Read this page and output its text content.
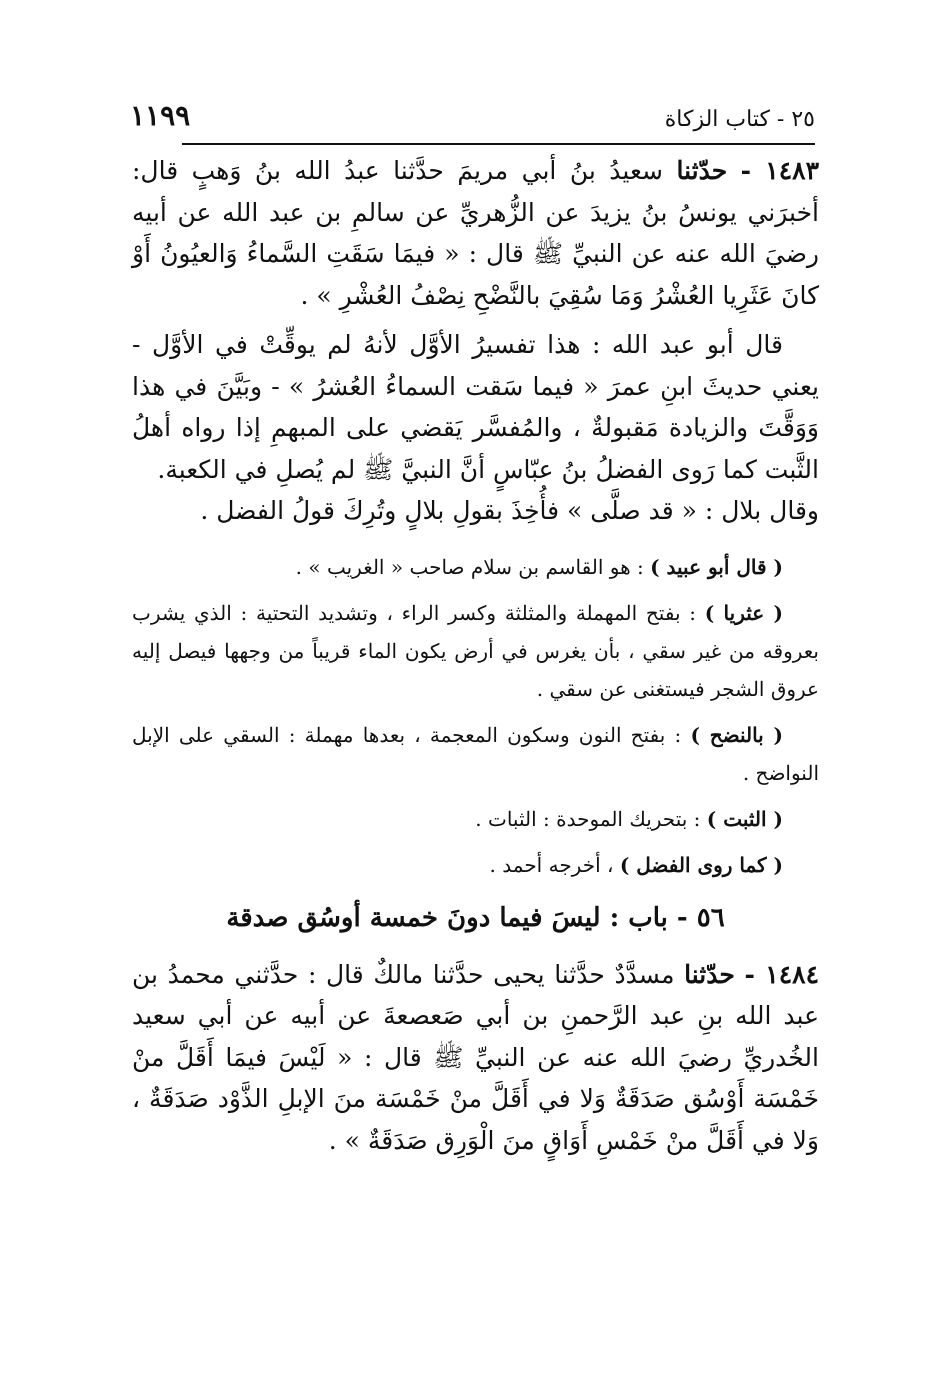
٢٥ - كتاب الزكاة
١١٩٩

١٤٨٣ - حدّثنا سعيدُ بنُ أبي مريمَ حدَّثنا عبدُ الله بنُ وَهبٍ قال: أخبرَني يونسُ بنُ يزيدَ عن الزُّهريِّ عن سالمِ بن عبد الله عن أبيه رضيَ الله عنه عن النبيِّ ﷺ قال : « فيمَا سَقَتِ السَّماءُ وَالعيُونُ أَوْ كانَ عَثَرِيا العُشْرُ وَمَا سُقِيَ بالنَّضْحِ نِصْفُ العُشْرِ » .

قال أبو عبد الله : هذا تفسيرُ الأوَّل لأنهُ لم يوقِّتْ في الأوَّل - يعني حديثَ ابنِ عمرَ « فيما سَقت السماءُ العُشرُ » - وبَيَّنَ في هذا وَوَقَّتَ والزيادة مَقبولةٌ ، والمُفسَّر يَقضي على المبهمِ إذا رواه أهلُ الثَّبت كما رَوى الفضلُ بنُ عبّاسٍ أنَّ النبيَّ ﷺ لم يُصلِ في الكعبة.

وقال بلال : « قد صلَّى » فأُخِذَ بقولِ بلالٍ وتُرِكَ قولُ الفضل .

( قال أبو عبيد ) : هو القاسم بن سلام صاحب « الغريب » .

( عثريا ) : بفتح المهملة والمثلثة وكسر الراء ، وتشديد التحتية : الذي يشرب بعروقه من غير سقي ، بأن يغرس في أرض يكون الماء قريباً من وجهها فيصل إليه عروق الشجر فيستغنى عن سقي .

( بالنضح ) : بفتح النون وسكون المعجمة ، بعدها مهملة : السقي على الإبل النواضح .

( الثبت ) : بتحريك الموحدة : الثبات .

( كما روى الفضل ) ، أخرجه أحمد .

٥٦ - باب : ليسَ فيما دونَ خمسة أوسُق صدقة

١٤٨٤ - حدّثنا مسدَّدٌ حدَّثنا يحيى حدَّثنا مالكٌ قال : حدَّثني محمدُ بن عبد الله بنِ عبد الرَّحمنِ بن أبي صَعصعةَ عن أبيه عن أبي سعيد الخُدريِّ رضيَ الله عنه عن النبيِّ ﷺ قال : « لَيْسَ فيمَا أَقَلَّ منْ خَمْسَة أَوْسُق صَدَقَةٌ وَلا في أَقَلَّ منْ خَمْسَة منَ الإبلِ الذَّوْد صَدَقَةٌ ، وَلا في أَقَلَّ منْ خَمْسِ أَوَاقٍ منَ الْوَرِق صَدَقَةٌ » .
